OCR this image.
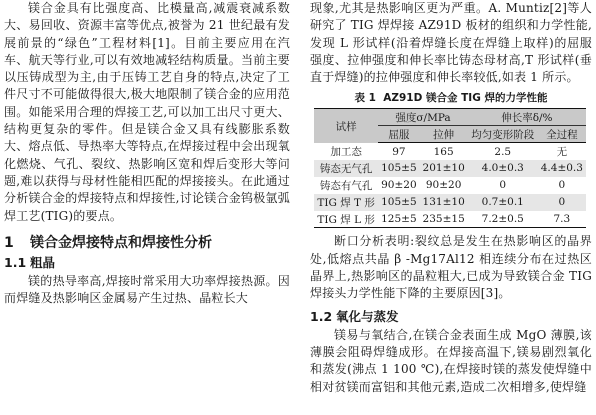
镁合金具有比强度高、比模量高,减震衰减系数大、易回收、资源丰富等优点,被誉为 21 世纪最有发展前景的“绿色”工程材料[1]。目前主要应用在汽车、航天等行业,可以有效地减轻结构质量。当前主要以压铸成型为主,由于压铸工艺自身的特点,决定了工件尺寸不可能做得很大,极大地限制了镁合金的应用范围。如能采用合理的焊接工艺,可以加工出尺寸更大、结构更复杂的零件。但是镁合金又具有线膨胀系数大、熔点低、导热率大等特点,在焊接过程中会出现氧化燃烧、气孔、裂纹、热影响区宽和焊后变形大等问题,难以获得与母材性能相匹配的焊接接头。在此通过分析镁合金的焊接特点和焊接性,讨论镁合金钨极氩弧焊工艺(TIG)的要点。

1 镁合金焊接特点和焊接性分析
1.1 粗晶

镁的热导率高,焊接时常采用大功率焊接热源。因而焊缝及热影响区金属易产生过热、晶粒长大

现象,尤其是热影响区更为严重。A. Muntiz[2]等人研究了 TIG 焊焊接 AZ91D 板材的组织和力学性能,发现 L 形试样(沿着焊缝长度在焊缝上取样)的屈服强度、拉伸强度和伸长率比铸态母材高,T 形试样(垂直于焊缝)的拉伸强度和伸长率较低,如表 1 所示。

表 1 AZ91D 镁合金 TIG 焊的力学性能
试样	强度σ/MPa		伸长率δ/%	
	屈服	拉伸	均匀变形阶段	全过程
加工态	97	165	2.5	无
铸态无气孔	105±5	201±10	4.0±0.3	4.4±0.3
铸态有气孔	90±20	90±20	0	0
TIG 焊 T 形	105±5	131±10	0.7±0.1	0
TIG 焊 L 形	125±5	235±15	7.2±0.5	7.3

断口分析表明:裂纹总是发生在热影响区的晶界处,低熔点共晶 β -Mg17Al12 相连续分布在过热区晶界上,热影响区的晶粒粗大,已成为导致镁合金 TIG 焊接头力学性能下降的主要原因[3]。

1.2 氧化与蒸发

镁易与氧结合,在镁合金表面生成 MgO 薄膜,该薄膜会阻碍焊缝成形。在焊接高温下,镁易剧烈氧化和蒸发(沸点 1 100 ℃),在焊接时镁的蒸发使焊缝中相对贫镁而富铝和其他元素,造成二次相增多,使焊缝
